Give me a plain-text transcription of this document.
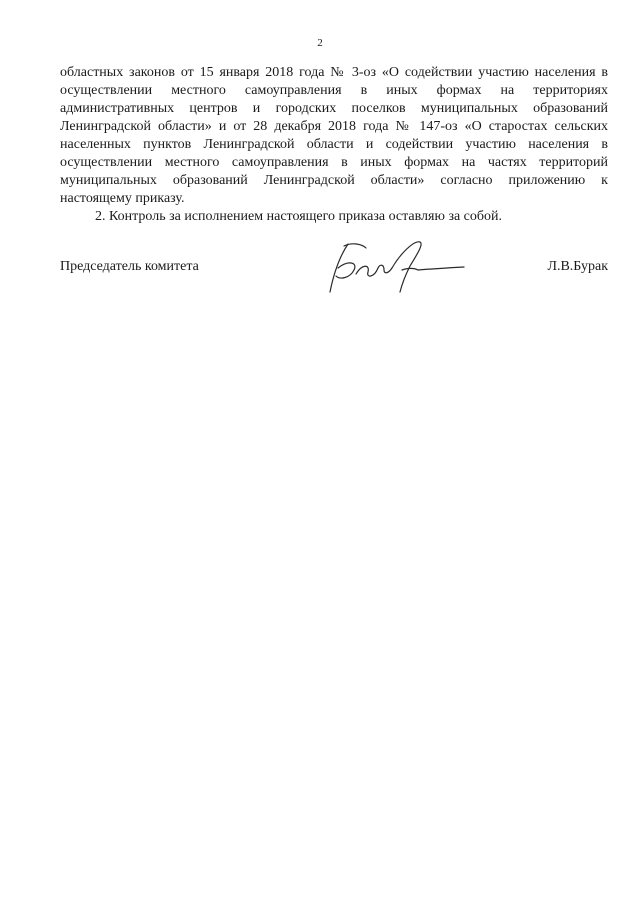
2

областных законов от 15 января 2018 года № 3-оз «О содействии участию населения в осуществлении местного самоуправления в иных формах на территориях административных центров и городских поселков муниципальных образований Ленинградской области» и от 28 декабря 2018 года № 147-оз «О старостах сельских населенных пунктов Ленинградской области и содействии участию населения в осуществлении местного самоуправления в иных формах на частях территорий муниципальных образований Ленинградской области» согласно приложению к настоящему приказу.

2. Контроль за исполнением настоящего приказа оставляю за собой.

Председатель комитета	Л.В.Бурак
